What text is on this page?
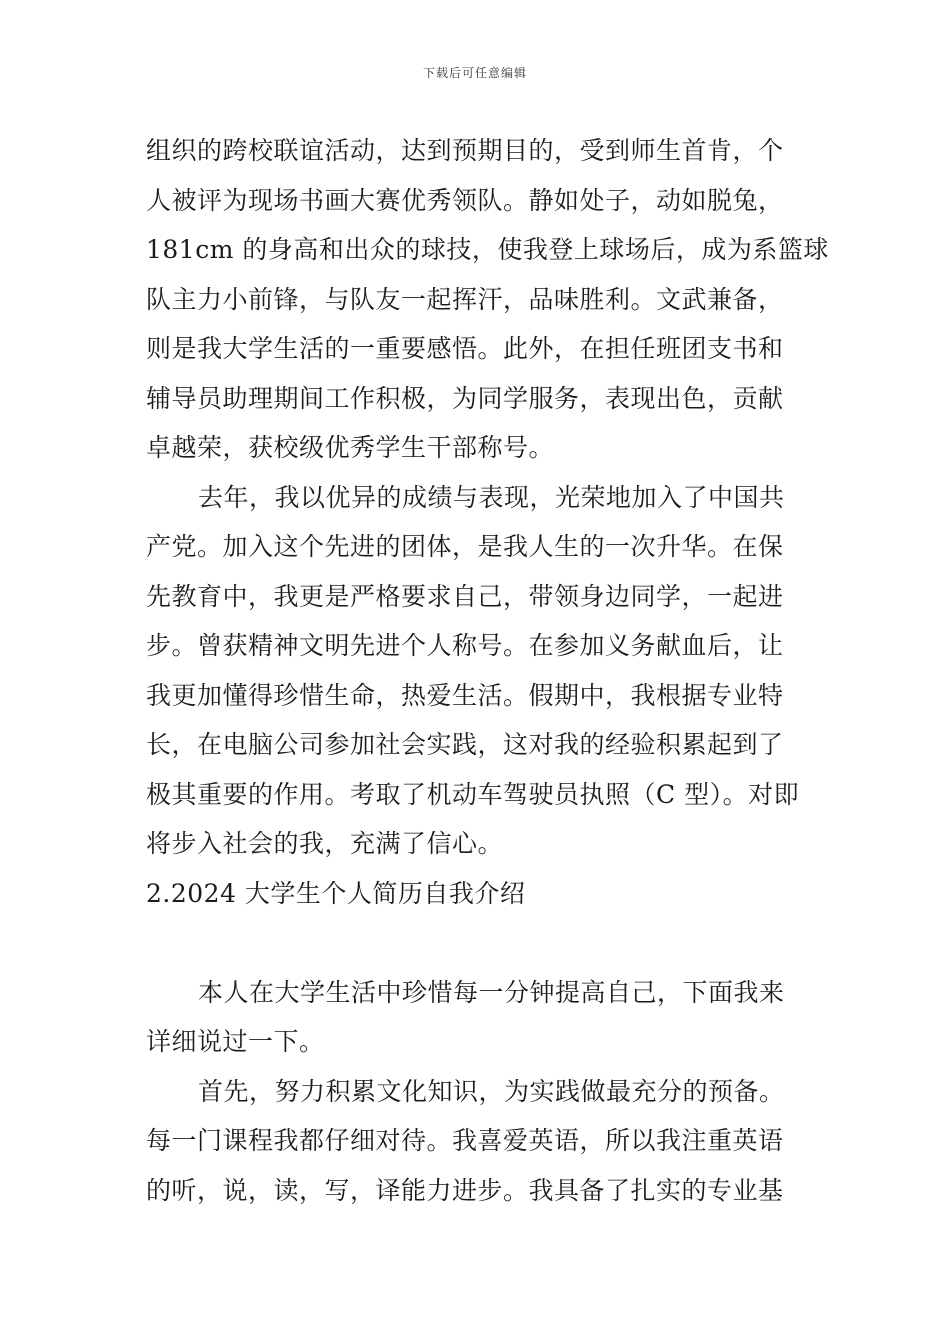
下载后可任意编辑
组织的跨校联谊活动，达到预期目的，受到师生首肯，个
人被评为现场书画大赛优秀领队。静如处子，动如脱兔，
181cm 的身高和出众的球技，使我登上球场后，成为系篮球
队主力小前锋，与队友一起挥汗，品味胜利。文武兼备，
则是我大学生活的一重要感悟。此外，在担任班团支书和
辅导员助理期间工作积极，为同学服务，表现出色，贡献
卓越荣，获校级优秀学生干部称号。
去年，我以优异的成绩与表现，光荣地加入了中国共
产党。加入这个先进的团体，是我人生的一次升华。在保
先教育中，我更是严格要求自己，带领身边同学，一起进
步。曾获精神文明先进个人称号。在参加义务献血后，让
我更加懂得珍惜生命，热爱生活。假期中，我根据专业特
长，在电脑公司参加社会实践，这对我的经验积累起到了
极其重要的作用。考取了机动车驾驶员执照（C 型）。对即
将步入社会的我，充满了信心。
2.2024 大学生个人简历自我介绍
本人在大学生活中珍惜每一分钟提高自己，下面我来
详细说过一下。
首先，努力积累文化知识，为实践做最充分的预备。
每一门课程我都仔细对待。我喜爱英语，所以我注重英语
的听，说，读，写，译能力进步。我具备了扎实的专业基
